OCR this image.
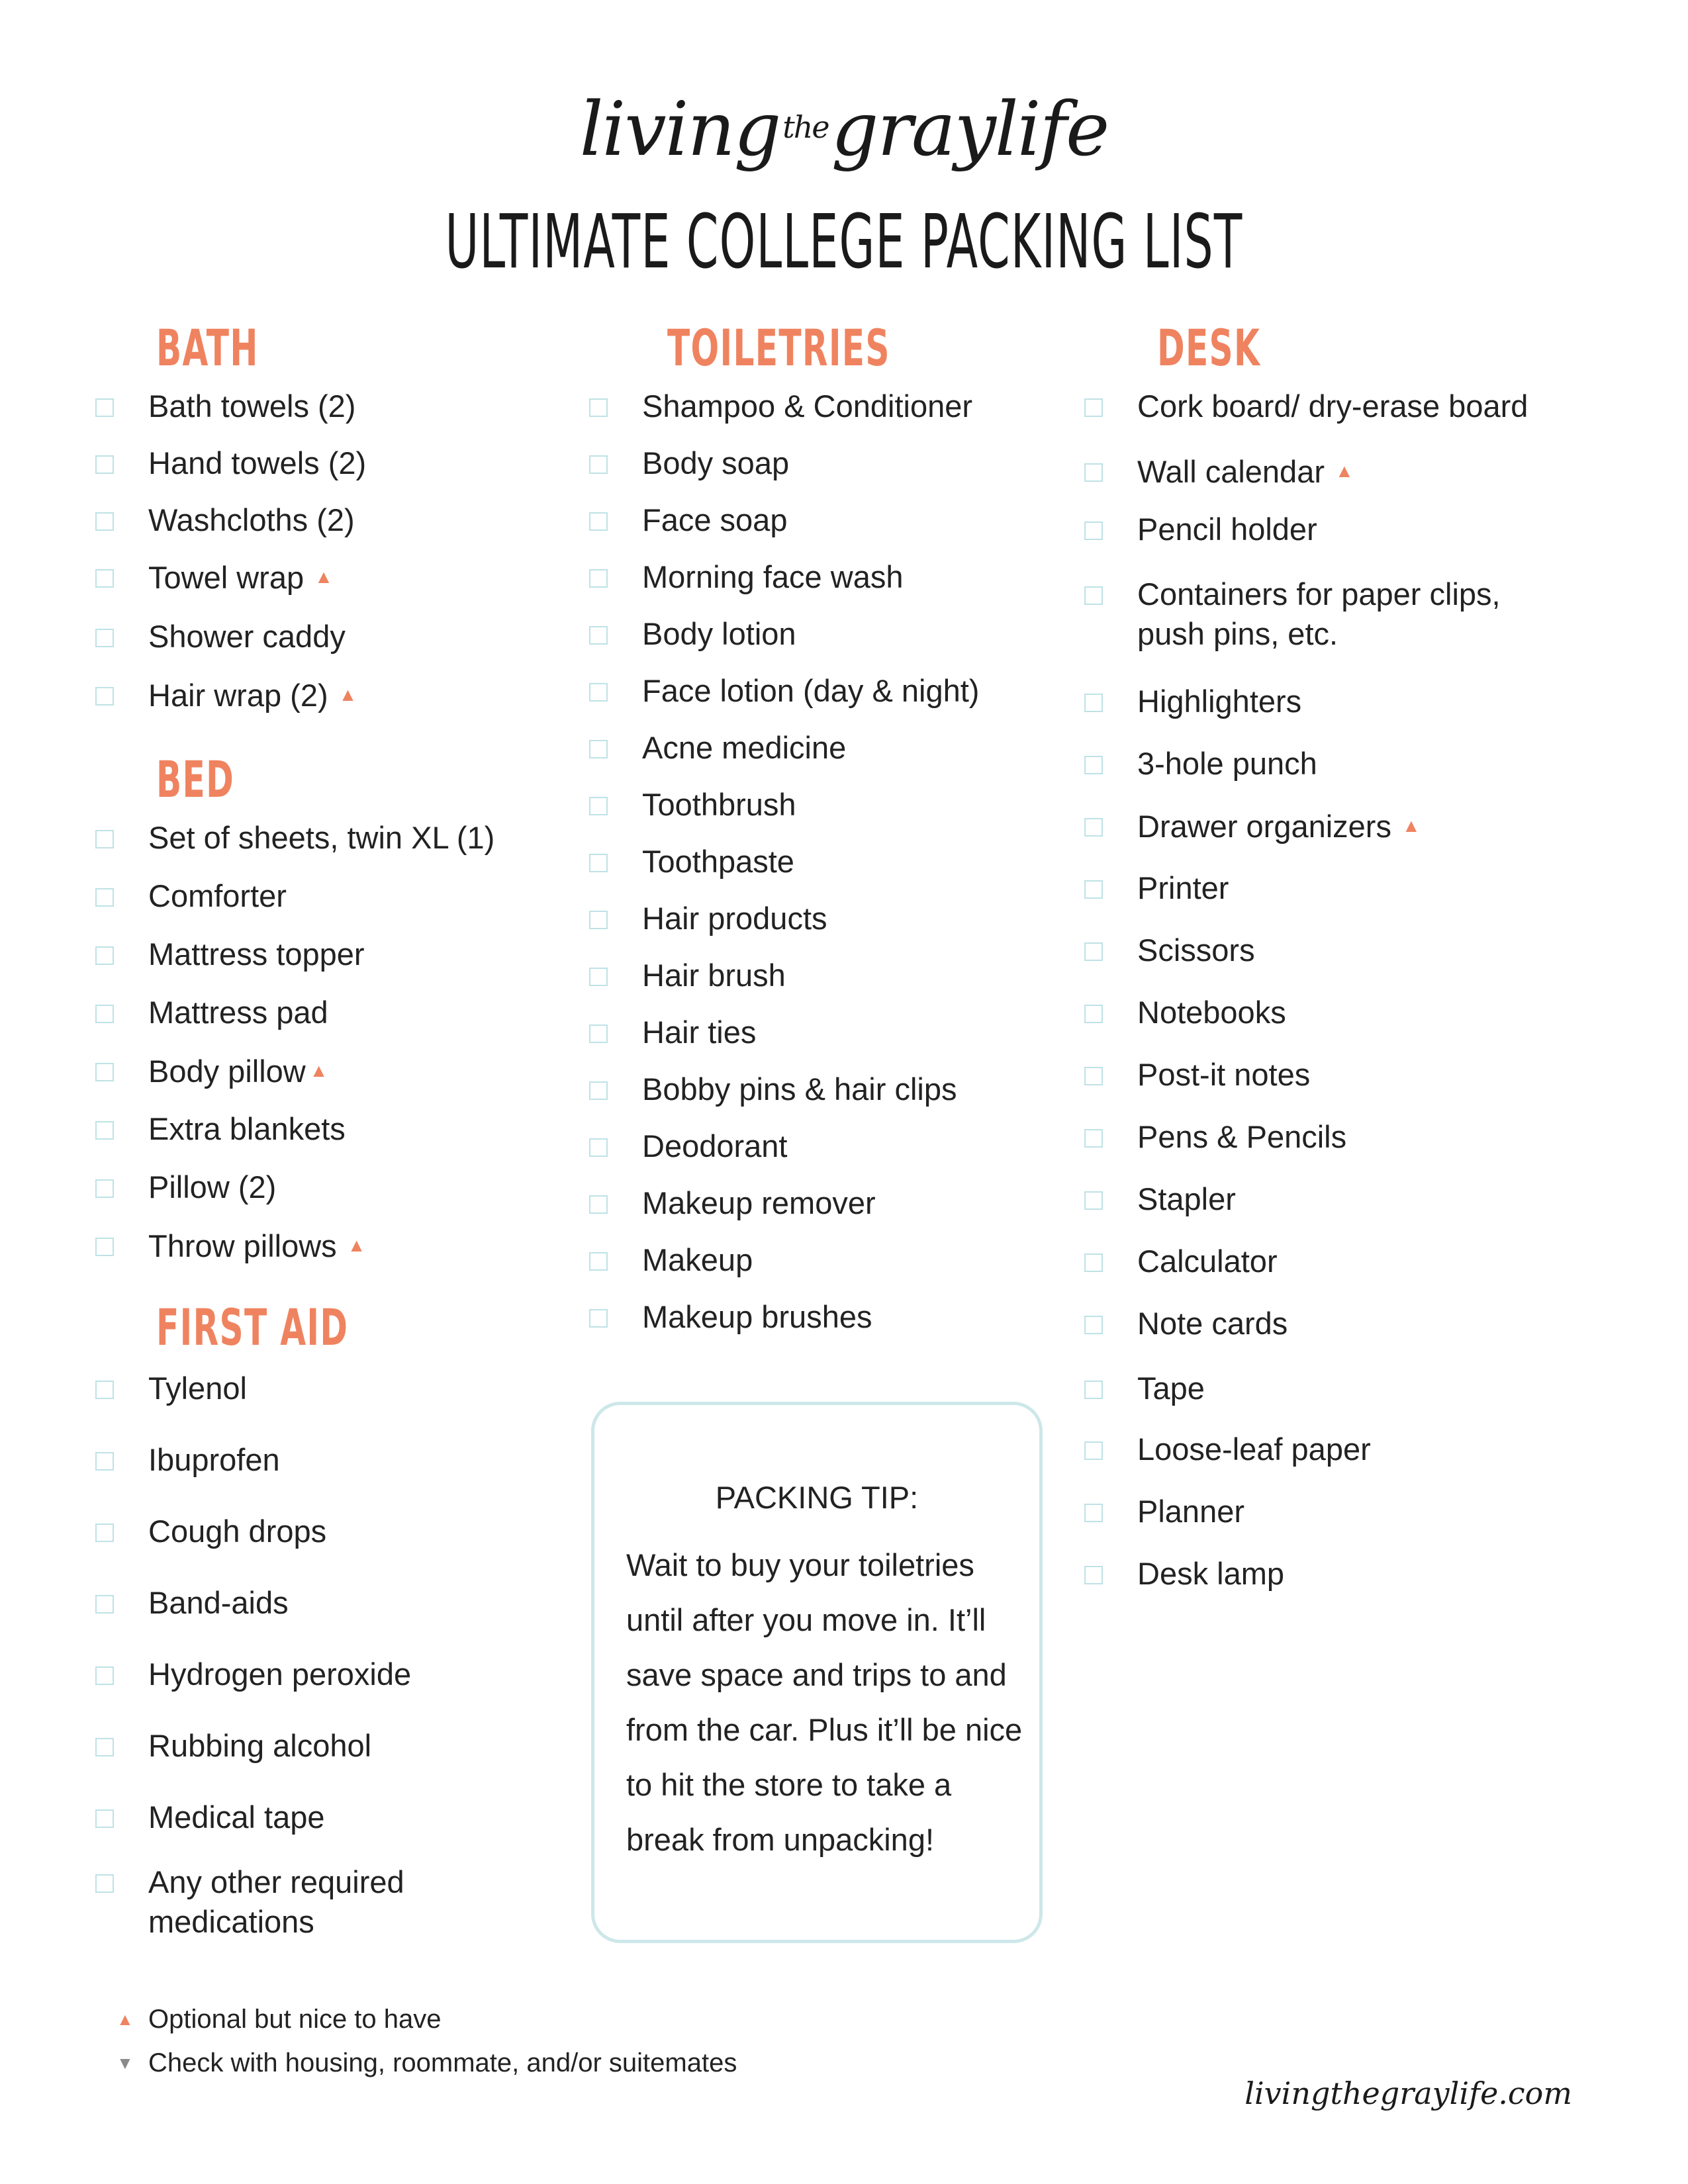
living$^{the}$graylife
ULTIMATE COLLEGE PACKING LIST
BATH
BED
FIRST AID
TOILETRIES	DESK
Bath towels (2)
Hand towels (2)
Washcloths (2)
Towel wrap ▲
Shower caddy
Hair wrap (2) ▲
Set of sheets, twin XL (1)
Comforter
Mattress topper
Mattress pad
Body pillow ▲
Extra blankets
Pillow (2)
Throw pillows ▲
Tylenol
Ibuprofen
Cough drops
Band-aids
Hydrogen peroxide
Rubbing alcohol
Medical tape
Any other required medications
Shampoo & Conditioner
Body soap
Face soap
Morning face wash
Body lotion
Face lotion (day & night)
Acne medicine
Toothbrush
Toothpaste
Hair products
Hair brush
Hair ties
Bobby pins & hair clips
Deodorant
Makeup remover
Makeup
Makeup brushes
PACKING TIP:
Wait to buy your toiletries until after you move in. It’ll save space and trips to and from the car. Plus it’ll be nice to hit the store to take a break from unpacking!
Cork board/ dry-erase board
Wall calendar ▲
Pencil holder
Containers for paper clips, push pins, etc.
Highlighters
3-hole punch
Drawer organizers ▲
Printer
Scissors
Notebooks
Post-it notes
Pens & Pencils
Stapler
Calculator
Note cards
Tape
Loose-leaf paper
Planner
Desk lamp
▲ Optional but nice to have
▼ Check with housing, roommate, and/or suitemates
livingthegraylife.com
